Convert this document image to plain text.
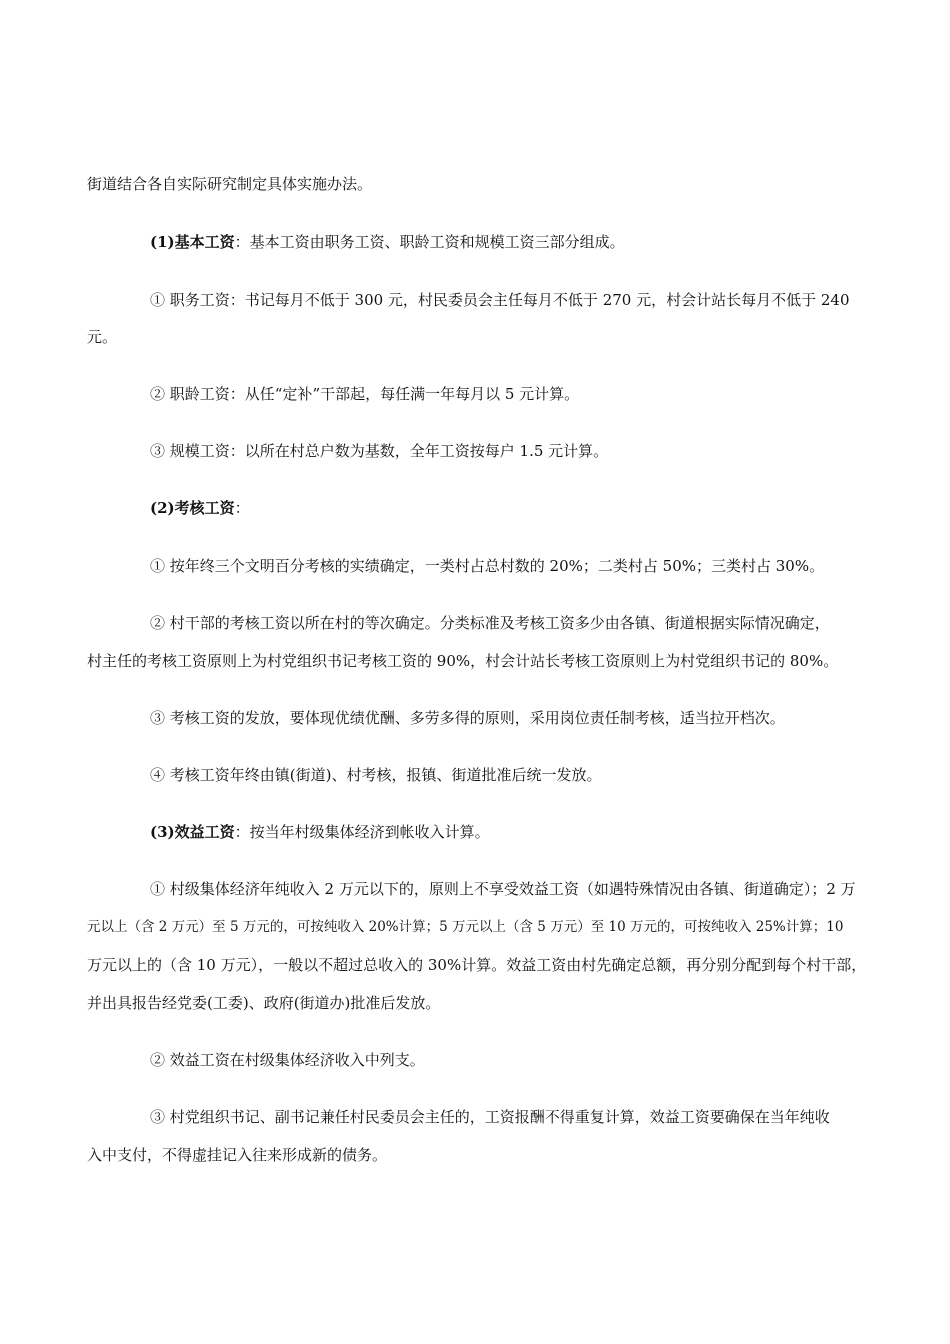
街道结合各自实际研究制定具体实施办法。
(1)基本工资：基本工资由职务工资、职龄工资和规模工资三部分组成。
① 职务工资：书记每月不低于 300 元，村民委员会主任每月不低于 270 元，村会计站长每月不低于 240
元。
② 职龄工资：从任“定补”干部起，每任满一年每月以 5 元计算。
③ 规模工资：以所在村总户数为基数，全年工资按每户 1.5 元计算。
(2)考核工资：
① 按年终三个文明百分考核的实绩确定，一类村占总村数的 20%；二类村占 50%；三类村占 30%。
② 村干部的考核工资以所在村的等次确定。分类标准及考核工资多少由各镇、街道根据实际情况确定，
村主任的考核工资原则上为村党组织书记考核工资的 90%，村会计站长考核工资原则上为村党组织书记的 80%。
③ 考核工资的发放，要体现优绩优酬、多劳多得的原则，采用岗位责任制考核，适当拉开档次。
④ 考核工资年终由镇(街道)、村考核，报镇、街道批准后统一发放。
(3)效益工资：按当年村级集体经济到帐收入计算。
① 村级集体经济年纯收入 2 万元以下的，原则上不享受效益工资（如遇特殊情况由各镇、街道确定）；2 万
元以上（含 2 万元）至 5 万元的，可按纯收入 20%计算；5 万元以上（含 5 万元）至 10 万元的，可按纯收入 25%计算；10
万元以上的（含 10 万元），一般以不超过总收入的 30%计算。效益工资由村先确定总额，再分别分配到每个村干部，
并出具报告经党委(工委)、政府(街道办)批准后发放。
② 效益工资在村级集体经济收入中列支。
③ 村党组织书记、副书记兼任村民委员会主任的，工资报酬不得重复计算，效益工资要确保在当年纯收
入中支付，不得虚挂记入往来形成新的债务。
